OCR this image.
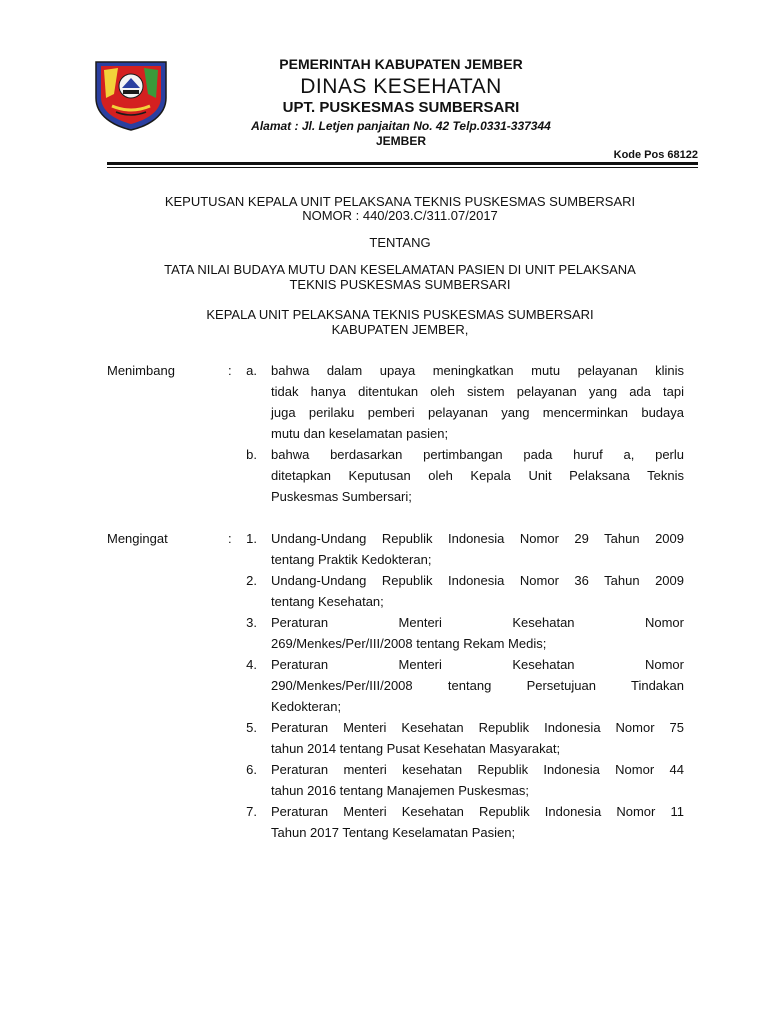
PEMERINTAH KABUPATEN JEMBER
DINAS KESEHATAN
UPT. PUSKESMAS SUMBERSARI
Alamat : Jl. Letjen panjaitan No. 42 Telp.0331-337344
JEMBER
Kode Pos 68122
KEPUTUSAN KEPALA UNIT PELAKSANA TEKNIS PUSKESMAS SUMBERSARI
NOMOR : 440/203.C/311.07/2017
TENTANG
TATA NILAI BUDAYA MUTU DAN KESELAMATAN PASIEN DI UNIT PELAKSANA
TEKNIS PUSKESMAS SUMBERSARI
KEPALA UNIT PELAKSANA TEKNIS PUSKESMAS SUMBERSARI
KABUPATEN JEMBER,
Menimbang	:	a. bahwa dalam upaya meningkatkan mutu pelayanan klinis
tidak hanya ditentukan oleh sistem pelayanan yang ada tapi
juga perilaku pemberi pelayanan yang mencerminkan budaya
mutu dan keselamatan pasien;
b. bahwa berdasarkan pertimbangan pada huruf a, perlu
ditetapkan Keputusan oleh Kepala Unit Pelaksana Teknis
Puskesmas Sumbersari;
Mengingat	:	1. Undang-Undang Republik Indonesia Nomor 29 Tahun 2009
tentang Praktik Kedokteran;
2. Undang-Undang Republik Indonesia Nomor 36 Tahun 2009
tentang Kesehatan;
3. Peraturan Menteri Kesehatan Nomor
269/Menkes/Per/III/2008 tentang Rekam Medis;
4. Peraturan Menteri Kesehatan Nomor
290/Menkes/Per/III/2008 tentang Persetujuan Tindakan
Kedokteran;
5. Peraturan Menteri Kesehatan Republik Indonesia Nomor 75
tahun 2014 tentang Pusat Kesehatan Masyarakat;
6. Peraturan menteri kesehatan Republik Indonesia Nomor 44
tahun 2016 tentang Manajemen Puskesmas;
7. Peraturan Menteri Kesehatan Republik Indonesia Nomor 11
Tahun 2017 Tentang Keselamatan Pasien;
